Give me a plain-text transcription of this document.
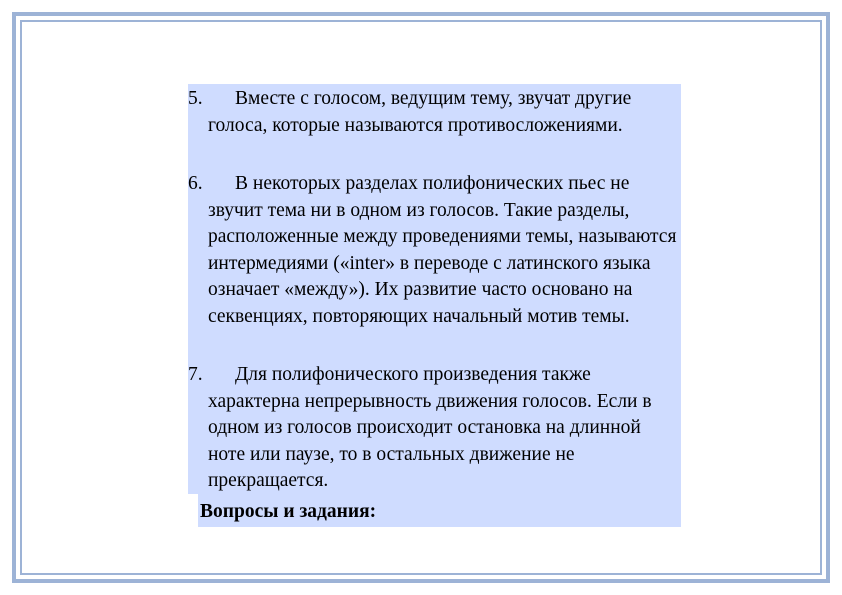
5.	Вместе с голосом, ведущим тему, звучат другие голоса, которые называются противосложениями.
6.	В некоторых разделах полифонических пьес не звучит тема ни в одном из голосов. Такие разделы, расположенные между проведениями темы, называются интермедиями («inter» в переводе с латинского языка означает «между»). Их развитие часто основано на секвенциях, повторяющих начальный мотив темы.
7.	Для полифонического произведения также характерна непрерывность движения голосов. Если в одном из голосов происходит остановка на длинной ноте или паузе, то в остальных движение не прекращается.
Вопросы и задания:
